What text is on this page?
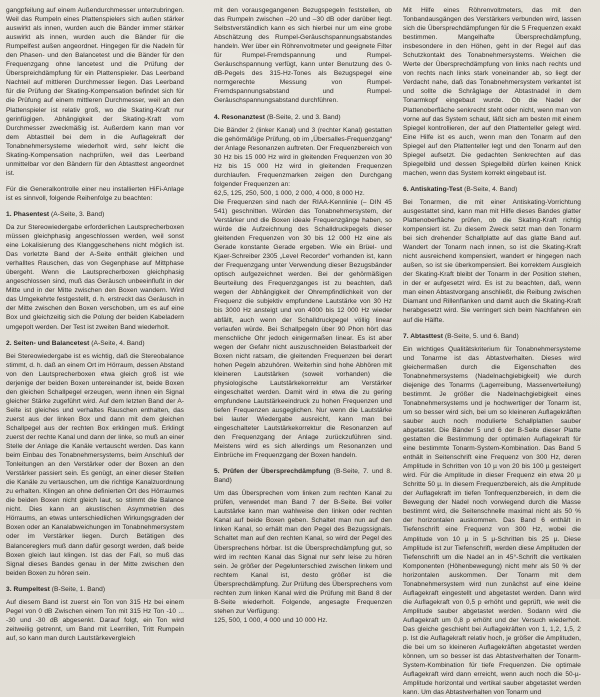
gangpfeilung auf einem Außendurchmesser unterzubringen. Weil das Rumpeln eines Plattenspielers sich außen stärker auswirkt als innen, wurden auch die Bänder immer stärker auswirkt als innen, wurden auch die Bänder für die Rumpelfest außen angeordnet. Hingegen für die Nadeln für den Phasen- und den Balancetest und die Bänder für den Frequenzgang ohne lancetest und die Prüfung der Überspreichdämpfung für ein Plattenspieler. Das Leerband Nachteil auf mittleren Durchmesser liegen. Das Leerband für die Prüfung der Skating-Kompensation befindet sich für die Prüfung auf einem mittleren Durchmesser, weil an den Plattenspieler ist relativ groß, wo die Skating-Kraft nur gerinfügigen. Abhängigkeit der Skating-Kraft vom Durchmesser zweckmäßig ist. Außerdem kann man vor dem Abtastteil bei dem in die Auflagekraft der Tonabnehmersysteme wiederholt wird, sehr leicht die Skating-Kompensation nachprüfen, weil das Leerband unmittelbar vor den Bändern für den Abtasttest angeordnet ist.

Für die Generalkontrolle einer neu installierten HiFi-Anlage ist es sinnvoll, folgende Reihenfolge zu beachten:

1. Phasentest (A-Seite, 3. Band)

Da zur Stereowiedergabe erforderlichen Lautsprecherboxen müssen gleichphasig angeschlossen werden, weil sonst eine Lokalisierung des Klanggeschehens nicht möglich ist. Das vorletzte Band der A-Seite enthält gleichen und verhalltes Rauschen, das von Gegenphase auf Mittphase übergeht. Wenn die Lautsprecherboxen gleichphasig angeschlossen sind, muß das Geräusch unbeeinflußt in der Mitte und in der Mitte zwischen den Boxen wandern. Wird das Umgekehrte festgestellt, d. h. erstreckt das Geräusch in der Mitte zwischen den Boxen verschoben, um es auf eine Box und gleichzeitig sich die Polung der beiden Kabeladern umgepolt werden. Der Test ist zweiten Band wiederholt.

2. Seiten- und Balancetest (A-Seite, 4. Band)

Bei Stereowiedergabe ist es wichtig, daß die Stereobalance stimmt, d. h. daß an einem Ort im Hörraum, dessen Abstand von den Lautsprecherboxen etwa gleich groß ist wie derjenige der beiden Boxen untereinander ist, beide Boxen den gleichen Schallpegel erzeugen, wenn ihnen ein Signal gleicher Stärke zugeführt wird. Auf dem letzten Band der A-Seite ist gleiches und verhaltes Rauschen enthalten, das zuerst aus der linken Box und dann mit dem gleichen Schallpegel aus der rechten Box erklingen muß. Erklingt zuerst der rechte Kanal und dann der linke, so muß an einer Stelle der Anlage die Kanäle vertauscht werden. Das kann beim Einbau des Tonabnehmersystems, beim Anschluß der Tonleitungen an den Verstärker oder der Boxen an den Verstärker passiert sein. Es genügt, an einer dieser Stellen die Kanäle zu vertauschen, um die richtige Kanalzuordnung zu erhalten. Klingen an ohne definierten Ort des Hörraumes die beiden Boxen nicht gleich laut, so stimmt die Balance nicht. Dies kann an akustischen Asymmetrien des Hörraums, an etwas unterschiedlichen Wirkungsgraden der Boxen oder an Kanalabweichungen im Tonabnehmersystem oder im Verstärker liegen. Durch Betätigen des Balancereglers muß dann dafür gesorgt werden, daß beide Boxen gleich laut klingen. Ist das der Fall, so muß das Signal dieses Bandes genau in der Mitte zwischen den beiden Boxen zu hören sein.

3. Rumpeltest (B-Seite, 1. Band)

Auf diesem Band ist zuerst ein Ton von 315 Hz bei einem Pegel von 0 dB Zwischen einem Ton mit 315 Hz Ton -10 ... -30 und -30 dB abgesenkt. Darauf folgt, ein Ton wird zeitweilig getrennt, um Band mit Leerrillen, Tritt Rumpeln auf, so kann man durch Lautstärkevergleich

mit den vorausgegangenen Bezugspegeln feststellen, ob das Rumpeln zwischen –20 und –30 dB oder darüber liegt. Selbstverständlich kann es sich hierbei nur um eine grobe Abschätzung des Rumpel-Geräuschspannungsabstandes handeln. Wer über ein Röhrenvoltmeter und geeignete Filter für Rumpel-Fremdspannung und Rumpel-Geräuschspannung verfügt, kann unter Benutzung des 0-dB-Pegels des 315-Hz-Tones als Bezugspegel eine normgerechte Messung von Rumpel-Fremdspannungsabstand und Rumpel-Geräuschspannungsabstand durchführen.

4. Resonanztest (B-Seite, 2. und 3. Band)

Die Bänder 2 (linker Kanal) und 3 (rechter Kanal) gestatten die gehörmäßige Prüfung, ob im „Übersalles-Frequenzgang“ der Anlage Resonanzen auftreten. Der Frequenzbereich von 30 Hz bis 15 000 Hz wird in gleitenden Frequenzen von 30 Hz bis 15 000 Hz wird in gleitenden Frequenzen durchlaufen. Frequenzmarken zeigen den Durchgang folgender Frequenzen an:

62,5, 125, 250, 500, 1 000, 2 000, 4 000, 8 000 Hz.

Die Frequenzen sind nach der RIAA-Kennlinie (– DIN 45 541) geschnitten. Würden das Tonabnehmersystem, der Verstärker und die Boxen ideale Frequenzgänge haben, so würde die Aufzeichnung des Schalldruckpegels dieser gleitenden Frequenzen von 30 bis 12 000 Hz eine als Gerade konstante Gerade ergeben. Wie ein Brüel- und Kjaer-Schreiber 2305 „Level Recorder“ vorhanden ist, kann der Frequenzgang unter Verwendung dieser Bezugsbänder optisch aufgezeichnet werden. Bei der gehörmäßigen Beurteilung des Frequenzganges ist zu beachten, daß wegen der Abhängigkeit der Ohrempfindlichkeit von der Frequenz die subjektiv empfundene Lautstärke von 30 Hz bis 3000 Hz ansteigt und von 4000 bis 12 000 Hz wieder abfällt, auch wenn der Schalldruckpegel völlig linear verlaufen würde. Bei Schallpegeln über 90 Phon hört das menschliche Ohr jedoch einigermaßen linear. Es ist aber wegen der Gefahr nicht auszuschneiden Belastbarkeit der Boxen nicht ratsam, die gleitenden Frequenzen bei derart hohen Pegeln abzuhören. Weiterhin sind hohe Abhören mit kleineren Lautstärken (soweit vorhanden) die physiologische Lautstärkekorrektur am Verstärker eingeschaltet werden. Damit wird in etwa die zu gering empfundene Lautstärkeeindruck zu hohen Frequenzen und tiefen Frequenzen ausgeglichen. Nur wenn die Lautstärke bei lauter Wiedergabe ausreicht, kann man bei eingeschalteter Lautstärkekorrektur die Resonanzen auf den Frequenzgang der Anlage zurückzuführen sind. Meistens wird es sich allerdings um Resonanzen und Einbrüche im Frequenzgang der Boxen handeln.

5. Prüfen der Übersprechdämpfung (B-Seite, 7. und 8. Band)

Um das Übersprechen vom linken zum rechten Kanal zu prüfen, verwendet man Band 7 der B-Seite. Bei voller Lautstärke kann man wahlweise den linken oder rechten Kanal auf beide Boxen geben. Schaltet man nun auf den linken Kanal, so erhält man den Pegel des Bezugssignals. Schaltet man auf den rechten Kanal, so wird der Pegel des Übersprechens hörbar. Ist die Übersprechdämpfung gut, so wird im rechten Kanal das Signal nur sehr leise zu hören sein. Je größer der Pegelunterschied zwischen linkem und rechtem Kanal ist, desto größer ist die Übersprechdämpfung. Zur Prüfung des Übersprechens vom rechten zum linken Kanal wird die Prüfung mit Band 8 der B-Seite wiederholt. Folgende, angesagte Frequenzen stehen zur Verfügung:

125, 500, 1 000, 4 000 und 10 000 Hz.

Mit Hilfe eines Röhrenvoltmeters, das mit den Tonbandausgängen des Verstärkers verbunden wird, lassen sich die Übersprechdämpfungen für die 5 Frequenzen exakt bestimmen. Mangelhafte Übersprechdämpfung, insbesondere in den Höhen, geht in der Regel auf das Schutzkontakt des Tonabnehmersystems. Weichen die Werte der Übersprechdämpfung von links nach rechts und von rechts nach links stark voneinander ab, so liegt der Verdacht nahe, daß das Tonabnehmersystem verkantet ist und sollte die Schräglage der Abtastnadel in dem Tonarmkopf eingebaut wurde. Ob die Nadel der Plattenoberfläche senkrecht steht oder nicht, wenn man von vorne auf das System schaut, läßt sich am besten mit einem Spiegel kontrollieren, der auf den Plattenteller gelegt wird. Eine Hilfe ist es auch, wenn man den Tonarm auf den Spiegel auf den Plattenteller legt und den Tonarm auf den Spiegel aufsetzt. Die gedachten Senkrechten auf das Spiegelbild und dessen Spiegelbild dürfen keinen Knick machen, wenn das System korrekt eingebaut ist.

6. Antiskating-Test (B-Seite, 4. Band)

Bei Tonarmen, die mit einer Antiskating-Vorrichtung ausgestattet sind, kann man mit Hilfe dieses Bandes glatter Plattenoberfläche prüfen, ob die Skating-Kraft richtig kompensiert ist. Zu diesem Zweck setzt man den Tonarm bei sich drehender Schallplatte auf das glatte Band auf. Wandert der Tonarm nach innen, so ist die Skating-Kraft nicht ausreichend kompensiert, wandert er hingegen nach außen, so ist sie überkompensiert. Bei korrektem Ausgleich der Skating-Kraft bleibt der Tonarm in der Position stehen, in der er aufgesetzt wird. Es ist zu beachten, daß, wenn man einen Abtastvorgang anschließt, die Reibung zwischen Diamant und Rillenflanken und damit auch die Skating-Kraft herabgesetzt wird. Sie verringert sich beim Nachfahren ein auf die Hälfte.

7. Abtasttest (B-Seite, 5. und 6. Band)

Ein wichtiges Qualitätskriterium für Tonabnehmersysteme und Tonarme ist das Abtastverhalten. Dieses wird gleichermaßen durch die Eigenschaften des Tonabnehmersystems (Nadelnachgiebigkeit) wie durch diejenige des Tonarms (Lagerreibung, Massenverteilung) bestimmt. Je größer die Nadelnachgiebigkeit eines Tonabnehmersystems und je hochwertiger der Tonarm ist, um so besser wird sich, bei um so kleineren Auflagekräften sauber auch noch modulierte Schallplatten sauber abgetastet. Die Bänder 5 und 6 der B-Seite dieser Platte gestatten die Bestimmung der optimalen Auflagekraft für eine bestimmte Tonarm-System-Kombination. Das Band 5 enthält in Seitenschrift eine Frequenz von 300 Hz, deren Amplitude in Schritten von 10 µ von 20 bis 100 µ gesteigert wird. Für die Amplitude in dieser Frequenz ein etwa 20 µ Schritte 50 µ. In diesem Frequenzbereich, als die Amplitude der Auflagekraft im tiefen Tonfrequenzbereich, in dem die Bewegung der Nadel noch vorwiegend durch die Masse bestimmt wird, die Seitenschnelle maximal nicht als 50 % der horizontalen auskommen. Das Band 6 enthält in Tiefenschrift eine Frequenz von 300 Hz, wobei die Amplitude von 10 µ in 5 µ-Schritten bis 25 µ. Diese Amplitude ist zur Tiefenschrift, werden diese Amplituden der Tiefenschrift um die Nadel an in 45°-Schrift die vertikalen Komponenten (Höhenbewegung) nicht mehr als 50 % der horizontalen auskommen. Der Tonarm mit dem Tonabnehmersystem wird nun zunächst auf eine kleine Auflagekraft eingestellt und abgetastet werden. Dann wird die Auflagekraft von 0,5 p erhöht und geprüft, wie weit die Amplitude sauber abgetastet werden. Sodann wird die Auflagekraft um 0,8 p erhöht und der Versuch wiederholt. Das gleiche geschieht bei Auflagekräften von 1, 1,2, 1,5, 2 p. Ist die Auflagekraft relativ hoch, je größer die Amplituden, die bei um so kleineren Auflagekräften abgetastet werden können, um so besser ist das Abtastverhalten der Tonarm-System-Kombination für tiefe Frequenzen. Die optimale Auflagekraft wird dann erreicht, wenn auch noch die 50-µ-Amplitude horizontal und vertikal sauber abgetastet werden kann. Um das Abtastverhalten von Tonarm und
